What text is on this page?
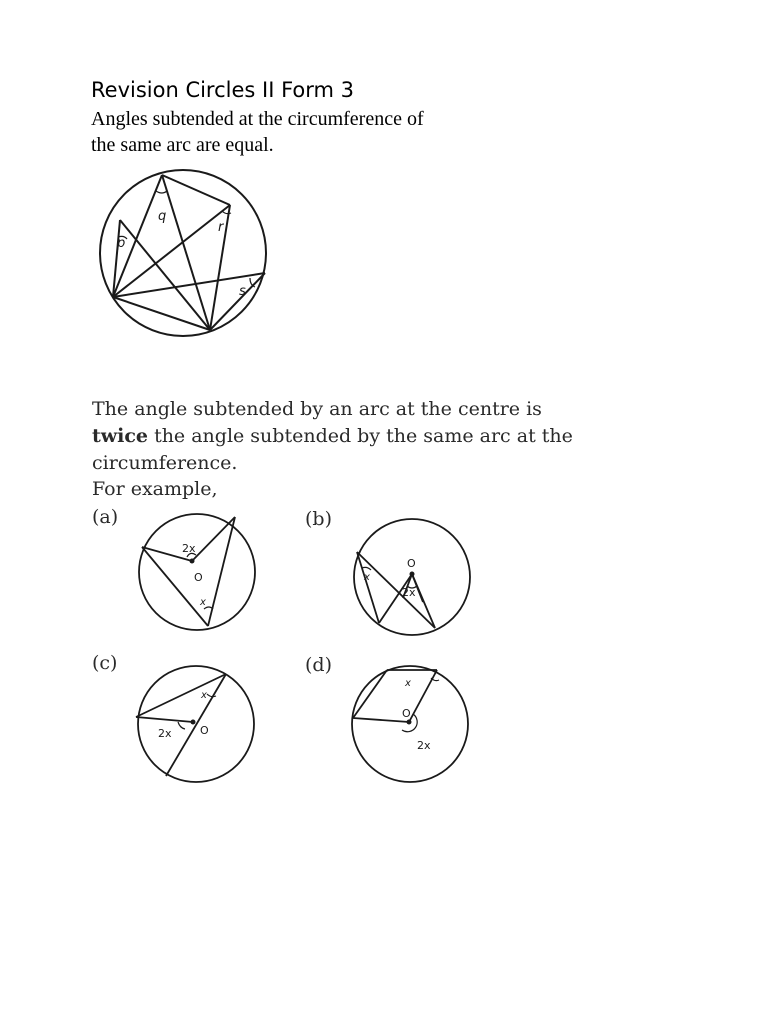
Revision Circles II Form 3
Angles subtended at the circumference of
the same arc are equal.
q
p
r
s
The angle subtended by an arc at the centre is
twice the angle subtended by the same arc at the
circumference.
For example,
(a)	(b)
(c)	(d)
2x
O
x
O
x
2x
x
2x	O
x
O
2x
